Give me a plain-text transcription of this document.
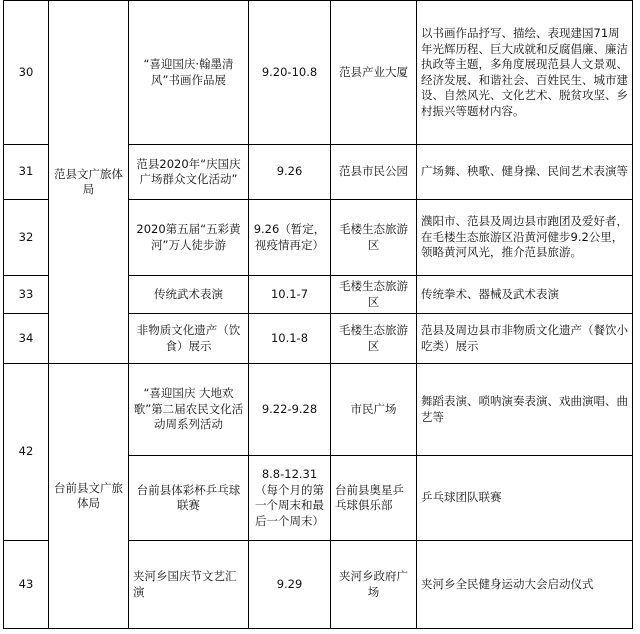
30	范县文广旅体局	“喜迎国庆·翰墨清风”书画作品展	9.20-10.8	范县产业大厦	以书画作品抒写、描绘、表现建国71周年光辉历程、巨大成就和反腐倡廉、廉洁执政等主题，多角度展现范县人文景观、经济发展、和谐社会、百姓民生、城市建设、自然风光、文化艺术、脱贫攻坚、乡村振兴等题材内容。
31		范县2020年“庆国庆广场群众文化活动”	9.26	范县市民公园	广场舞、秧歌、健身操、民间艺术表演等
32		2020第五届“五彩黄河”万人徒步游	9.26（暂定，视疫情再定）	毛楼生态旅游区	濮阳市、范县及周边县市跑团及爱好者，在毛楼生态旅游区沿黄河健步9.2公里，领略黄河风光，推介范县旅游。
33		传统武术表演	10.1-7	毛楼生态旅游区	传统拳术、器械及武术表演
34		非物质文化遗产（饮食）展示	10.1-8	毛楼生态旅游区	范县及周边县市非物质文化遗产（餐饮小吃类）展示
42	台前县文广旅体局	“喜迎国庆 大地欢歌”第二届农民文化活动周系列活动	9.22-9.28	市民广场	舞蹈表演、唢呐演奏表演、戏曲演唱、曲艺等
		台前县体彩杯乒乓球联赛	8.8-12.31（每个月的第一个周末和最后一个周末）	台前县奥星乒乓球俱乐部	乒乓球团队联赛
43		夹河乡国庆节文艺汇演	9.29	夹河乡政府广场	夹河乡全民健身运动大会启动仪式
